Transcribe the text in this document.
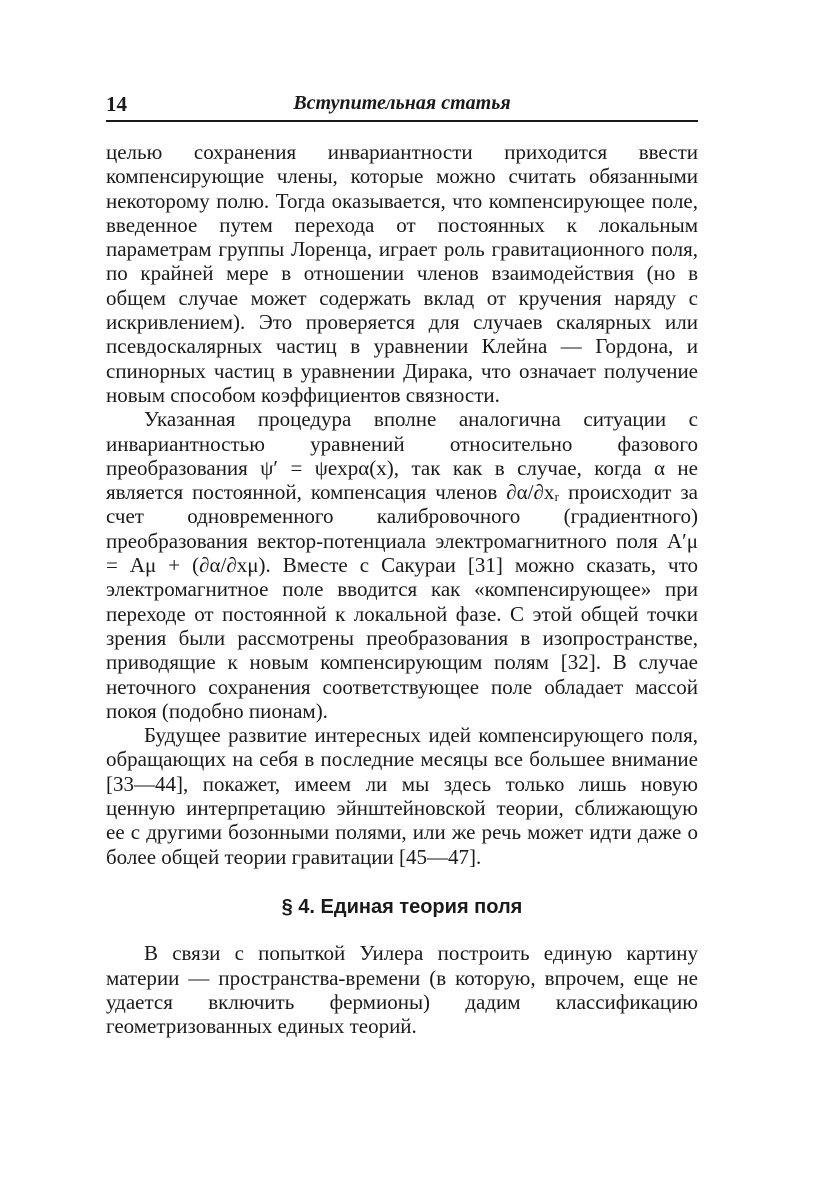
14	Вступительная статья

целью сохранения инвариантности приходится ввести компенсирующие члены, которые можно считать обязанными некоторому полю. Тогда оказывается, что компенсирующее поле, введенное путем перехода от постоянных к локальным параметрам группы Лоренца, играет роль гравитационного поля, по крайней мере в отношении членов взаимодействия (но в общем случае может содержать вклад от кручения наряду с искривлением). Это проверяется для случаев скалярных или псевдоскалярных частиц в уравнении Клейна — Гордона, и спинорных частиц в уравнении Дирака, что означает получение новым способом коэффициентов связности.

Указанная процедура вполне аналогична ситуации с инвариантностью уравнений относительно фазового преобразования ψ′ = ψexpα(x), так как в случае, когда α не является постоянной, компенсация членов ∂α/∂xᵣ происходит за счет одновременного калибровочного (градиентного) преобразования вектор-потенциала электромагнитного поля A′μ = Aμ + (∂α/∂xμ). Вместе с Сакураи [31] можно сказать, что электромагнитное поле вводится как «компенсирующее» при переходе от постоянной к локальной фазе. С этой общей точки зрения были рассмотрены преобразования в изопространстве, приводящие к новым компенсирующим полям [32]. В случае неточного сохранения соответствующее поле обладает массой покоя (подобно пионам).

Будущее развитие интересных идей компенсирующего поля, обращающих на себя в последние месяцы все большее внимание [33—44], покажет, имеем ли мы здесь только лишь новую ценную интерпретацию эйнштейновской теории, сближающую ее с другими бозонными полями, или же речь может идти даже о более общей теории гравитации [45—47].

§ 4. Единая теория поля

В связи с попыткой Уилера построить единую картину материи — пространства-времени (в которую, впрочем, еще не удается включить фермионы) дадим классификацию геометризованных единых теорий.
